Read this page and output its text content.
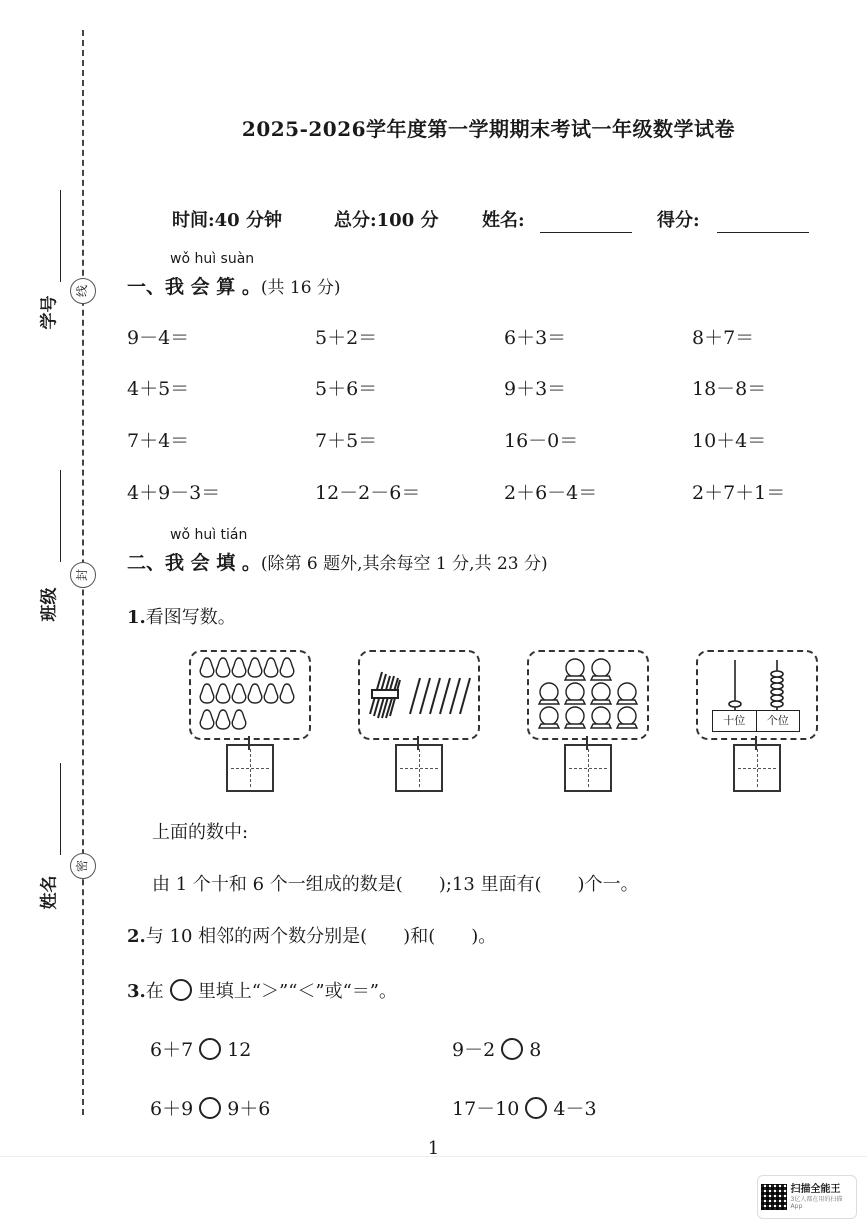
学号
线
班级
封
姓名
密
2025-2026学年度第一学期期末考试一年级数学试卷
时间:40 分钟	总分:100 分 姓名:	得分:
wǒ huì suàn
一、我 会 算 。(共 16 分)
9－4＝	5＋2＝	6＋3＝	8＋7＝
4＋5＝	5＋6＝	9＋3＝	18－8＝
7＋4＝	7＋5＝	16－0＝	10＋4＝
4＋9－3＝	12－2－6＝	2＋6－4＝	2＋7＋1＝
wǒ huì tián
二、我 会 填 。(除第 6 题外,其余每空 1 分,共 23 分)
1.看图写数。
十位	个位
上面的数中:
由 1 个十和 6 个一组成的数是(　　);13 里面有(　　)个一。
2.与 10 相邻的两个数分别是(　　)和(　　)。
3.在 里填上“＞”“＜”或“＝”。
6＋7 12	9－2 8
6＋9 9＋6	17－10 4－3
1
扫描全能王
3亿人都在用的扫描App
